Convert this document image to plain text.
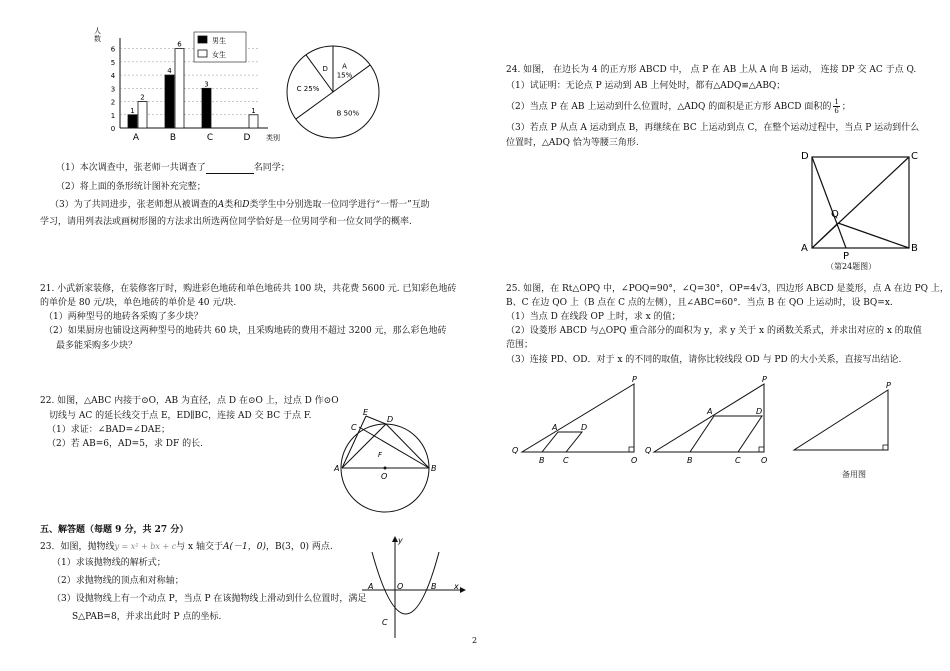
人
数
类别
0
1
2
3
4
5
6
A
1
2
B
4
6
C
3
D
1
男生
女生
A
15%
B 50%
C 25%
D
（1）本次调查中，张老师一共调查了	名同学；
（2）将上面的条形统计图补充完整；
（3）为了共同进步，张老师想从被调查的A类和D类学生中分别选取一位同学进行“一帮一”互助
学习，请用列表法或画树形图的方法求出所选两位同学恰好是一位男同学和一位女同学的概率.
21. 小武新家装修，在装修客厅时，购进彩色地砖和单色地砖共 100 块，共花费 5600 元. 已知彩色地砖
的单价是 80 元/块，单色地砖的单价是 40 元/块.
（1）两种型号的地砖各采购了多少块？
（2）如果厨房也铺设这两种型号的地砖共 60 块，且采购地砖的费用不超过 3200 元，那么彩色地砖
最多能采购多少块？
22. 如图，△ABC 内接于⊙O，AB 为直径，点 D 在⊙O 上，过点 D 作⊙O
切线与 AC 的延长线交于点 E，ED∥BC，连接 AD 交 BC 于点 F.
（1）求证：∠BAD=∠DAE；
（2）若 AB=6，AD=5，求 DF 的长.
E
D
C
F
A	B
O
五、解答题（每题 9 分，共 27 分）
23．如图，抛物线y = x² + bx + c与 x 轴交于A(－1，0)，B(3，0) 两点.
（1）求该抛物线的解析式；
（2）求抛物线的顶点和对称轴；
（3）设抛物线上有一个动点 P，当点 P 在该抛物线上滑动到什么位置时，满足
S△PAB=8，并求出此时 P 点的坐标.
y
A	O	B x
C
24. 如图， 在边长为 4 的正方形 ABCD 中， 点 P 在 AB 上从 A 向 B 运动， 连接 DP 交 AC 于点 Q.
（1）试证明：无论点 P 运动到 AB 上何处时，都有△ADQ≌△ABQ；
（2）当点 P 在 AB 上运动到什么位置时，△ADQ 的面积是正方形 ABCD 面积的 $\frac{1}{6}$ ；
（3）若点 P 从点 A 运动到点 B，再继续在 BC 上运动到点 C，在整个运动过程中，当点 P 运动到什么
位置时，△ADQ 恰为等腰三角形.
D	C
Q
A
P
B
（第24题图）
25. 如图，在 Rt△OPQ 中，∠POQ=90°，∠Q=30°，OP=4√3，四边形 ABCD 是菱形，点 A 在边 PQ 上，
B、C 在边 QO 上（B 点在 C 点的左侧），且∠ABC=60°．当点 B 在 QO 上运动时，设 BQ=x.
（1）当点 D 在线段 OP 上时，求 x 的值；
（2）设菱形 ABCD 与△OPQ 重合部分的面积为 y，求 y 关于 x 的函数关系式，并求出对应的 x 的取值
范围；
（3）连接 PD、OD．对于 x 的不同的取值，请你比较线段 OD 与 PD 的大小关系，直接写出结论.
P
A	D
Q
B C	O
P
A	D
Q
B	C	O
P
备用图
2
